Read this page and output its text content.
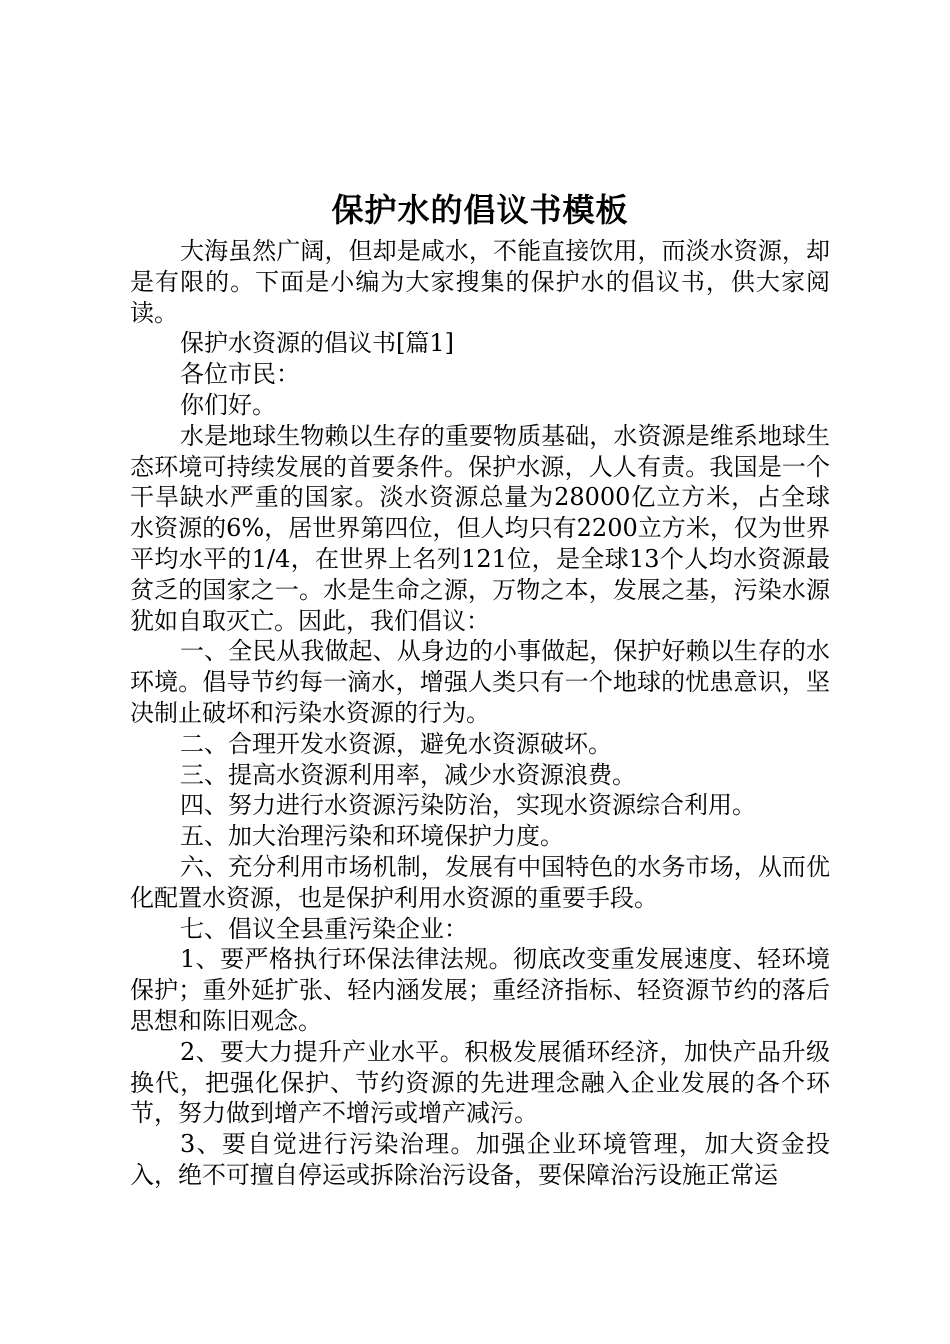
保护水的倡议书模板

大海虽然广阔，但却是咸水，不能直接饮用，而淡水资源，却是有限的。下面是小编为大家搜集的保护水的倡议书，供大家阅读。

保护水资源的倡议书[篇1]

各位市民：

你们好。

水是地球生物赖以生存的重要物质基础，水资源是维系地球生态环境可持续发展的首要条件。保护水源，人人有责。我国是一个干旱缺水严重的国家。淡水资源总量为28000亿立方米，占全球水资源的6%，居世界第四位，但人均只有2200立方米，仅为世界平均水平的1/4，在世界上名列121位，是全球13个人均水资源最贫乏的国家之一。水是生命之源，万物之本，发展之基，污染水源犹如自取灭亡。因此，我们倡议：

一、全民从我做起、从身边的小事做起，保护好赖以生存的水环境。倡导节约每一滴水，增强人类只有一个地球的忧患意识，坚决制止破坏和污染水资源的行为。

二、合理开发水资源，避免水资源破坏。

三、提高水资源利用率，减少水资源浪费。

四、努力进行水资源污染防治，实现水资源综合利用。

五、加大治理污染和环境保护力度。

六、充分利用市场机制，发展有中国特色的水务市场，从而优化配置水资源，也是保护利用水资源的重要手段。

七、倡议全县重污染企业：

1、要严格执行环保法律法规。彻底改变重发展速度、轻环境保护；重外延扩张、轻内涵发展；重经济指标、轻资源节约的落后思想和陈旧观念。

2、要大力提升产业水平。积极发展循环经济，加快产品升级换代，把强化保护、节约资源的先进理念融入企业发展的各个环节，努力做到增产不增污或增产减污。

3、要自觉进行污染治理。加强企业环境管理，加大资金投入，绝不可擅自停运或拆除治污设备，要保障治污设施正常运
